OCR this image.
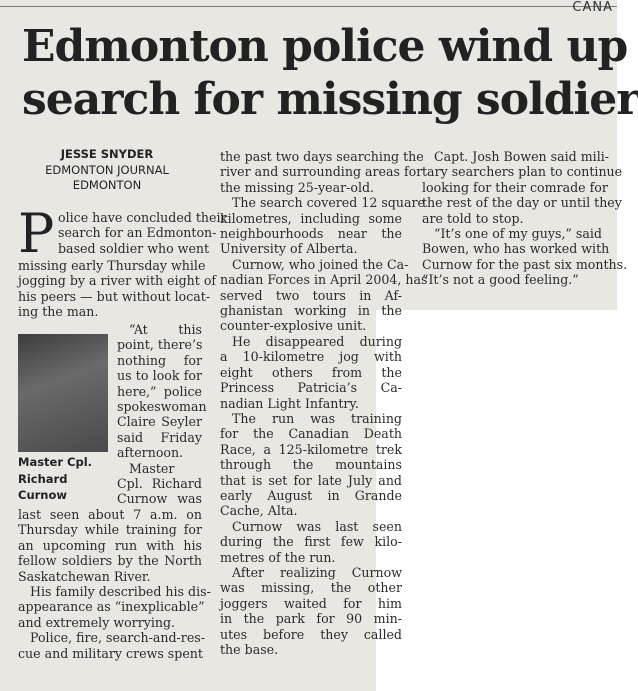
CANA
Edmonton police wind up
search for missing soldier
JESSE SNYDER
EDMONTON JOURNAL
EDMONTON
P olice have concluded their
search for an Edmonton-
based soldier who went
missing early Thursday while
jogging by a river with eight of
his peers — but without locat-
ing the man.
Master Cpl.
Richard
Curnow
“At this
point, there’s
nothing for
us to look for
here,” police
spokeswoman
Claire Seyler
said Friday
afternoon.
Master
Cpl. Richard
Curnow was
last seen about 7 a.m. on
Thursday while training for
an upcoming run with his
fellow soldiers by the North
Saskatchewan River.
His family described his dis-
appearance as “inexplicable”
and extremely worrying.
Police, fire, search-and-res-
cue and military crews spent
the past two days searching the
river and surrounding areas for
the missing 25-year-old.
The search covered 12 square
kilometres, including some
neighbourhoods near the
University of Alberta.
Curnow, who joined the Ca-
nadian Forces in April 2004, has
served two tours in Af-
ghanistan working in the
counter-explosive unit.
He disappeared during
a 10-kilometre jog with
eight others from the
Princess Patricia’s Ca-
nadian Light Infantry.
The run was training
for the Canadian Death
Race, a 125-kilometre trek
through the mountains
that is set for late July and
early August in Grande
Cache, Alta.
Curnow was last seen
during the first few kilo-
metres of the run.
After realizing Curnow
was missing, the other
joggers waited for him
in the park for 90 min-
utes before they called
the base.
Capt. Josh Bowen said mili-
tary searchers plan to continue
looking for their comrade for
the rest of the day or until they
are told to stop.
“It’s one of my guys,” said
Bowen, who has worked with
Curnow for the past six months.
“It’s not a good feeling.”
